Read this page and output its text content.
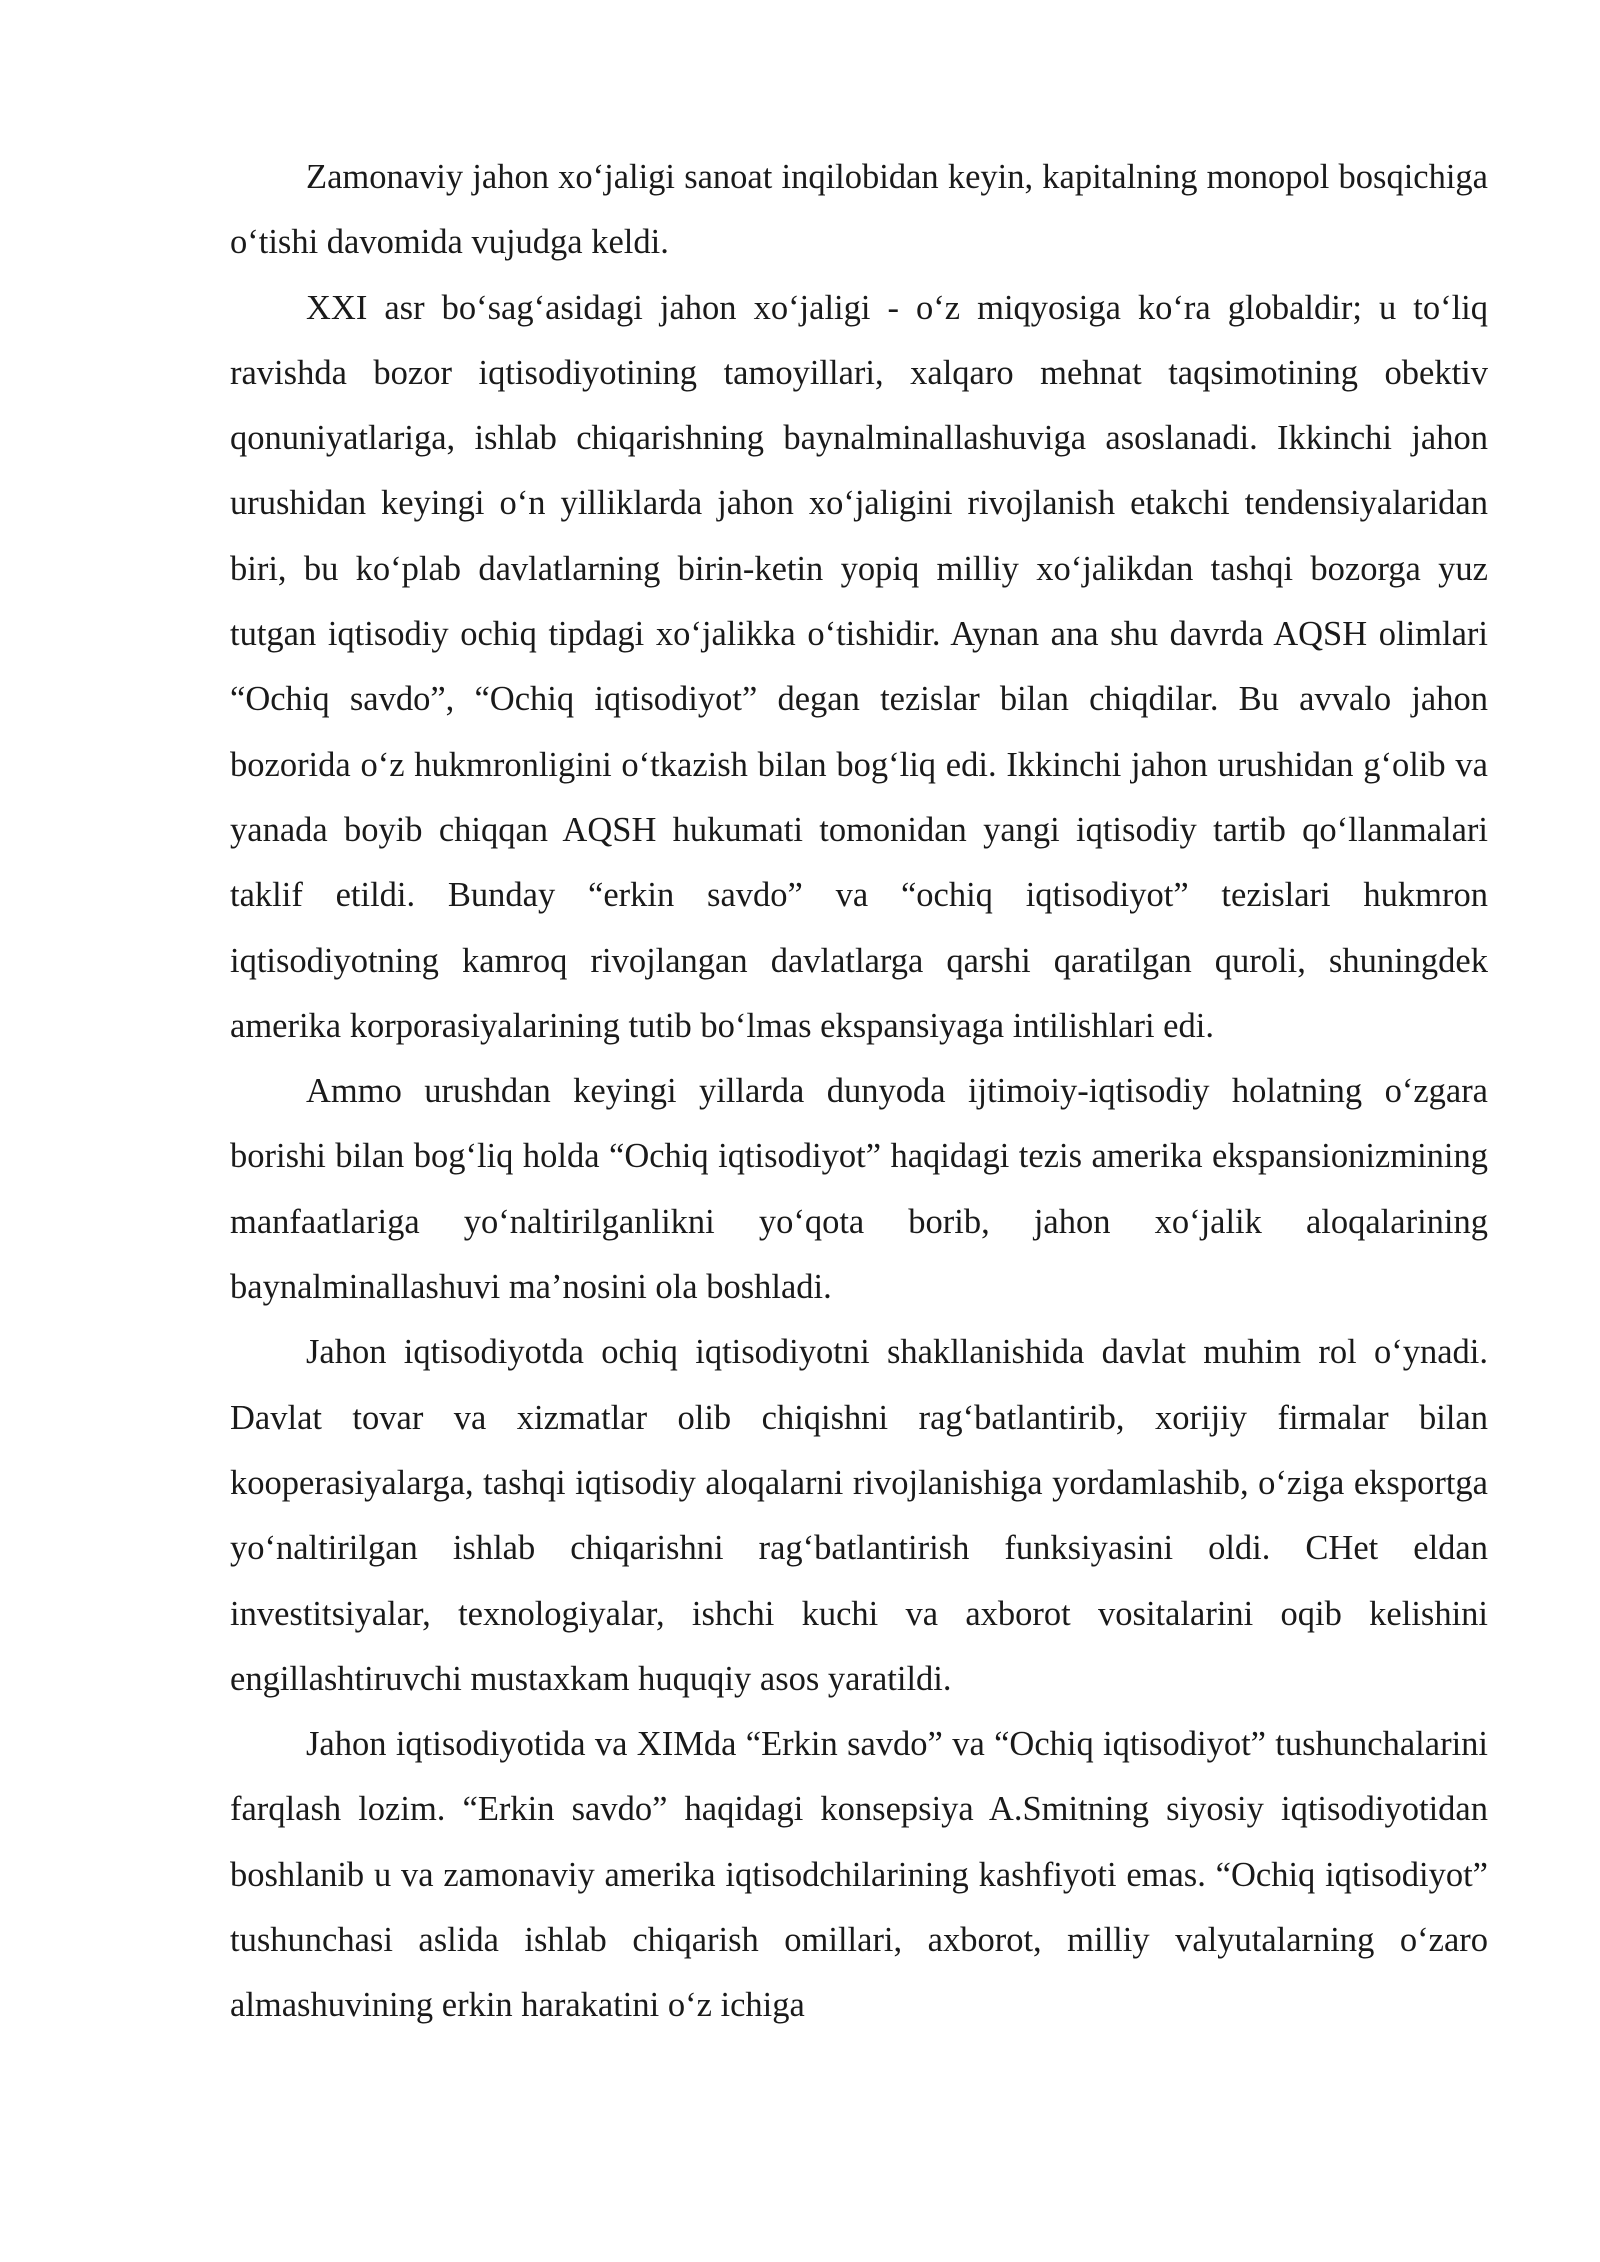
Zamonaviy jahon xo‘jaligi sanoat inqilobidan keyin, kapitalning monopol bosqichiga o‘tishi davomida vujudga keldi.

XXI asr bo‘sag‘asidagi jahon xo‘jaligi - o‘z miqyosiga ko‘ra globaldir; u to‘liq ravishda bozor iqtisodiyotining tamoyillari, xalqaro mehnat taqsimotining obektiv qonuniyatlariga, ishlab chiqarishning baynalminallashuviga asoslanadi. Ikkinchi jahon urushidan keyingi o‘n yilliklarda jahon xo‘jaligini rivojlanish etakchi tendensiyalaridan biri, bu ko‘plab davlatlarning birin-ketin yopiq milliy xo‘jalikdan tashqi bozorga yuz tutgan iqtisodiy ochiq tipdagi xo‘jalikka o‘tishidir. Aynan ana shu davrda AQSH olimlari “Ochiq savdo”, “Ochiq iqtisodiyot” degan tezislar bilan chiqdilar. Bu avvalo jahon bozorida o‘z hukmronligini o‘tkazish bilan bog‘liq edi. Ikkinchi jahon urushidan g‘olib va yanada boyib chiqqan AQSH hukumati tomonidan yangi iqtisodiy tartib qo‘llanmalari taklif etildi. Bunday “erkin savdo” va “ochiq iqtisodiyot” tezislari hukmron iqtisodiyotning kamroq rivojlangan davlatlarga qarshi qaratilgan quroli, shuningdek amerika korporasiyalarining tutib bo‘lmas ekspansiyaga intilishlari edi.

Ammo urushdan keyingi yillarda dunyoda ijtimoiy-iqtisodiy holatning o‘zgara borishi bilan bog‘liq holda “Ochiq iqtisodiyot” haqidagi tezis amerika ekspansionizmining manfaatlariga yo‘naltirilganlikni yo‘qota borib, jahon xo‘jalik aloqalarining baynalminallashuvi ma’nosini ola boshladi.

Jahon iqtisodiyotda ochiq iqtisodiyotni shakllanishida davlat muhim rol o‘ynadi. Davlat tovar va xizmatlar olib chiqishni rag‘batlantirib, xorijiy firmalar bilan kooperasiyalarga, tashqi iqtisodiy aloqalarni rivojlanishiga yordamlashib, o‘ziga eksportga yo‘naltirilgan ishlab chiqarishni rag‘batlantirish funksiyasini oldi. CHet eldan investitsiyalar, texnologiyalar, ishchi kuchi va axborot vositalarini oqib kelishini engillashtiruvchi mustaxkam huquqiy asos yaratildi.

Jahon iqtisodiyotida va XIMda “Erkin savdo” va “Ochiq iqtisodiyot” tushunchalarini farqlash lozim. “Erkin savdo” haqidagi konsepsiya A.Smitning siyosiy iqtisodiyotidan boshlanib u va zamonaviy amerika iqtisodchilarining kashfiyoti emas. “Ochiq iqtisodiyot” tushunchasi aslida ishlab chiqarish omillari, axborot, milliy valyutalarning o‘zaro almashuvining erkin harakatini o‘z ichiga
